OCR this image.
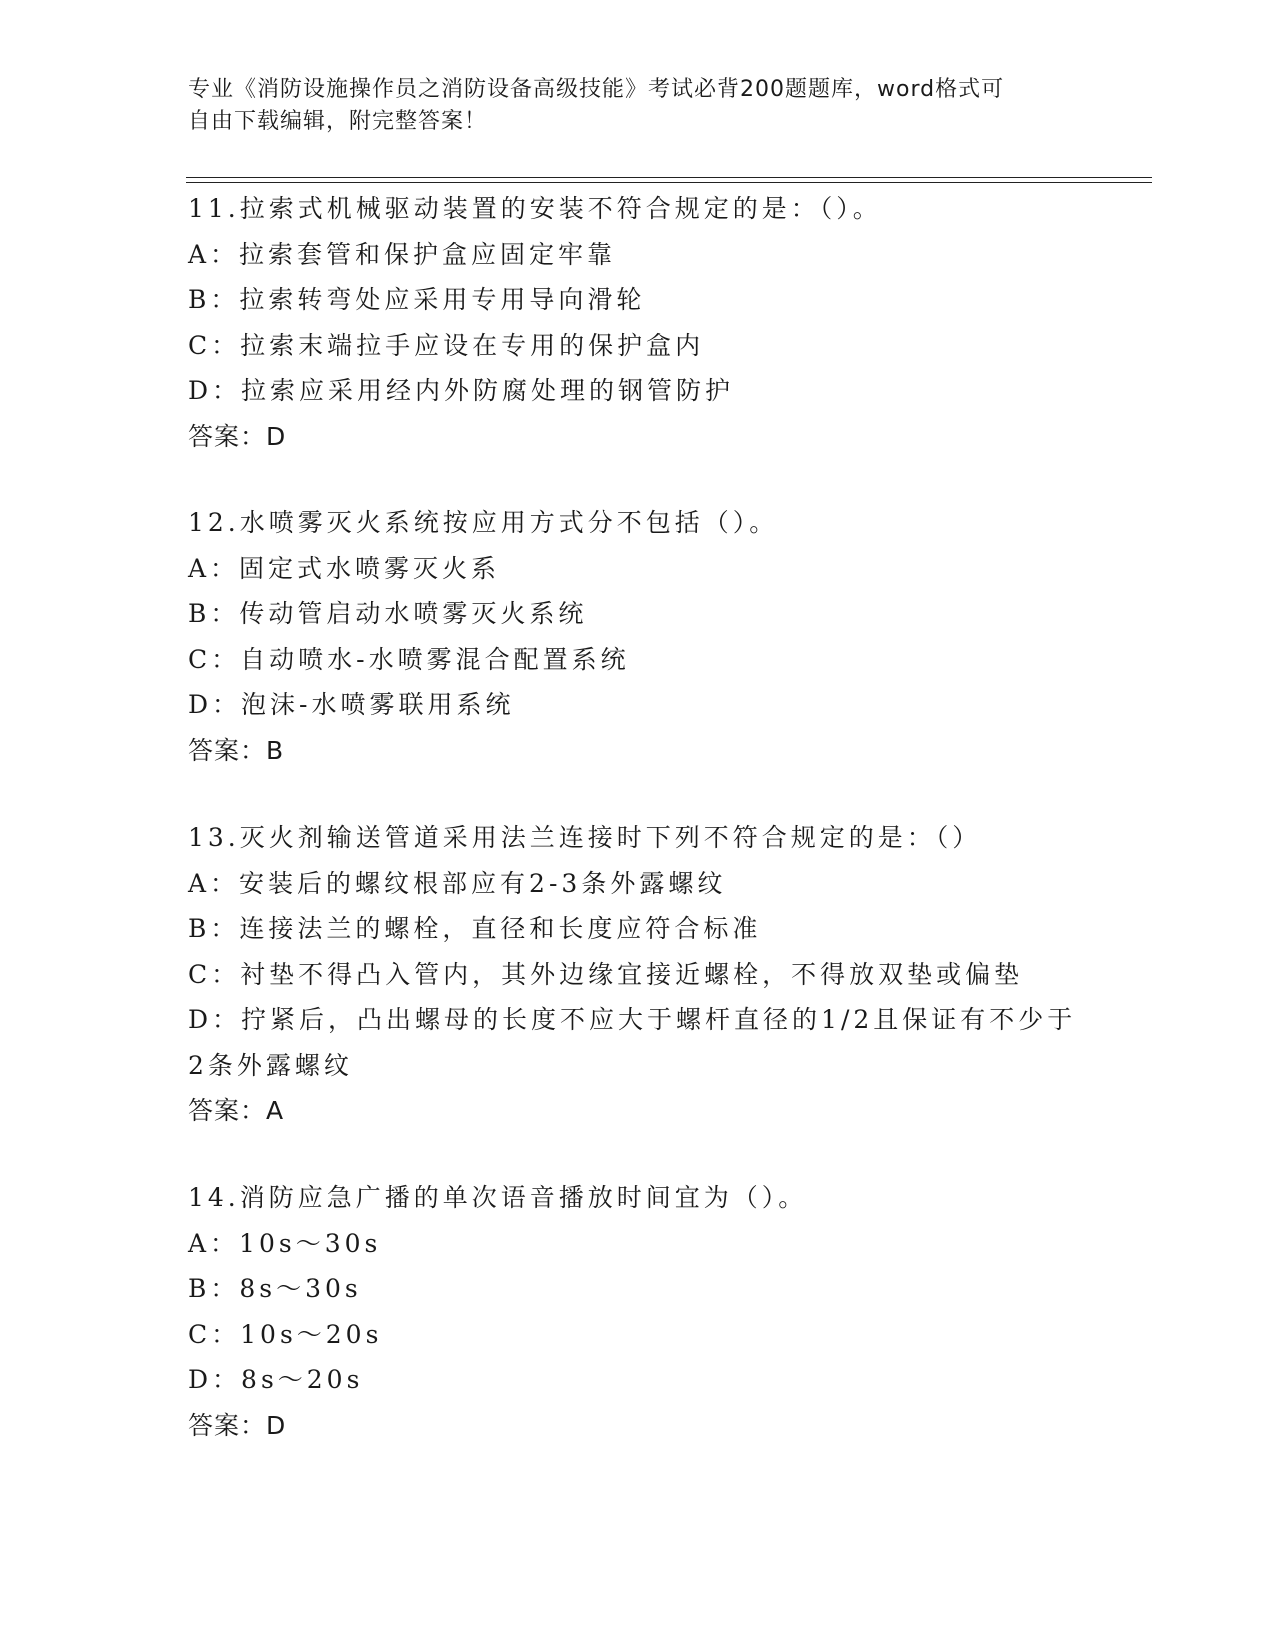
专业《消防设施操作员之消防设备高级技能》考试必背200题题库，word格式可
自由下载编辑，附完整答案！
11.拉索式机械驱动装置的安装不符合规定的是：（）。
A：拉索套管和保护盒应固定牢靠
B：拉索转弯处应采用专用导向滑轮
C：拉索末端拉手应设在专用的保护盒内
D：拉索应采用经内外防腐处理的钢管防护
答案：D
12.水喷雾灭火系统按应用方式分不包括（）。
A：固定式水喷雾灭火系
B：传动管启动水喷雾灭火系统
C：自动喷水-水喷雾混合配置系统
D：泡沫-水喷雾联用系统
答案：B
13.灭火剂输送管道采用法兰连接时下列不符合规定的是：（）
A：安装后的螺纹根部应有2-3条外露螺纹
B：连接法兰的螺栓，直径和长度应符合标准
C：衬垫不得凸入管内，其外边缘宜接近螺栓，不得放双垫或偏垫
D：拧紧后，凸出螺母的长度不应大于螺杆直径的1/2且保证有不少于
2条外露螺纹
答案：A
14.消防应急广播的单次语音播放时间宜为（）。
A：10s～30s
B：8s～30s
C：10s～20s
D：8s～20s
答案：D
